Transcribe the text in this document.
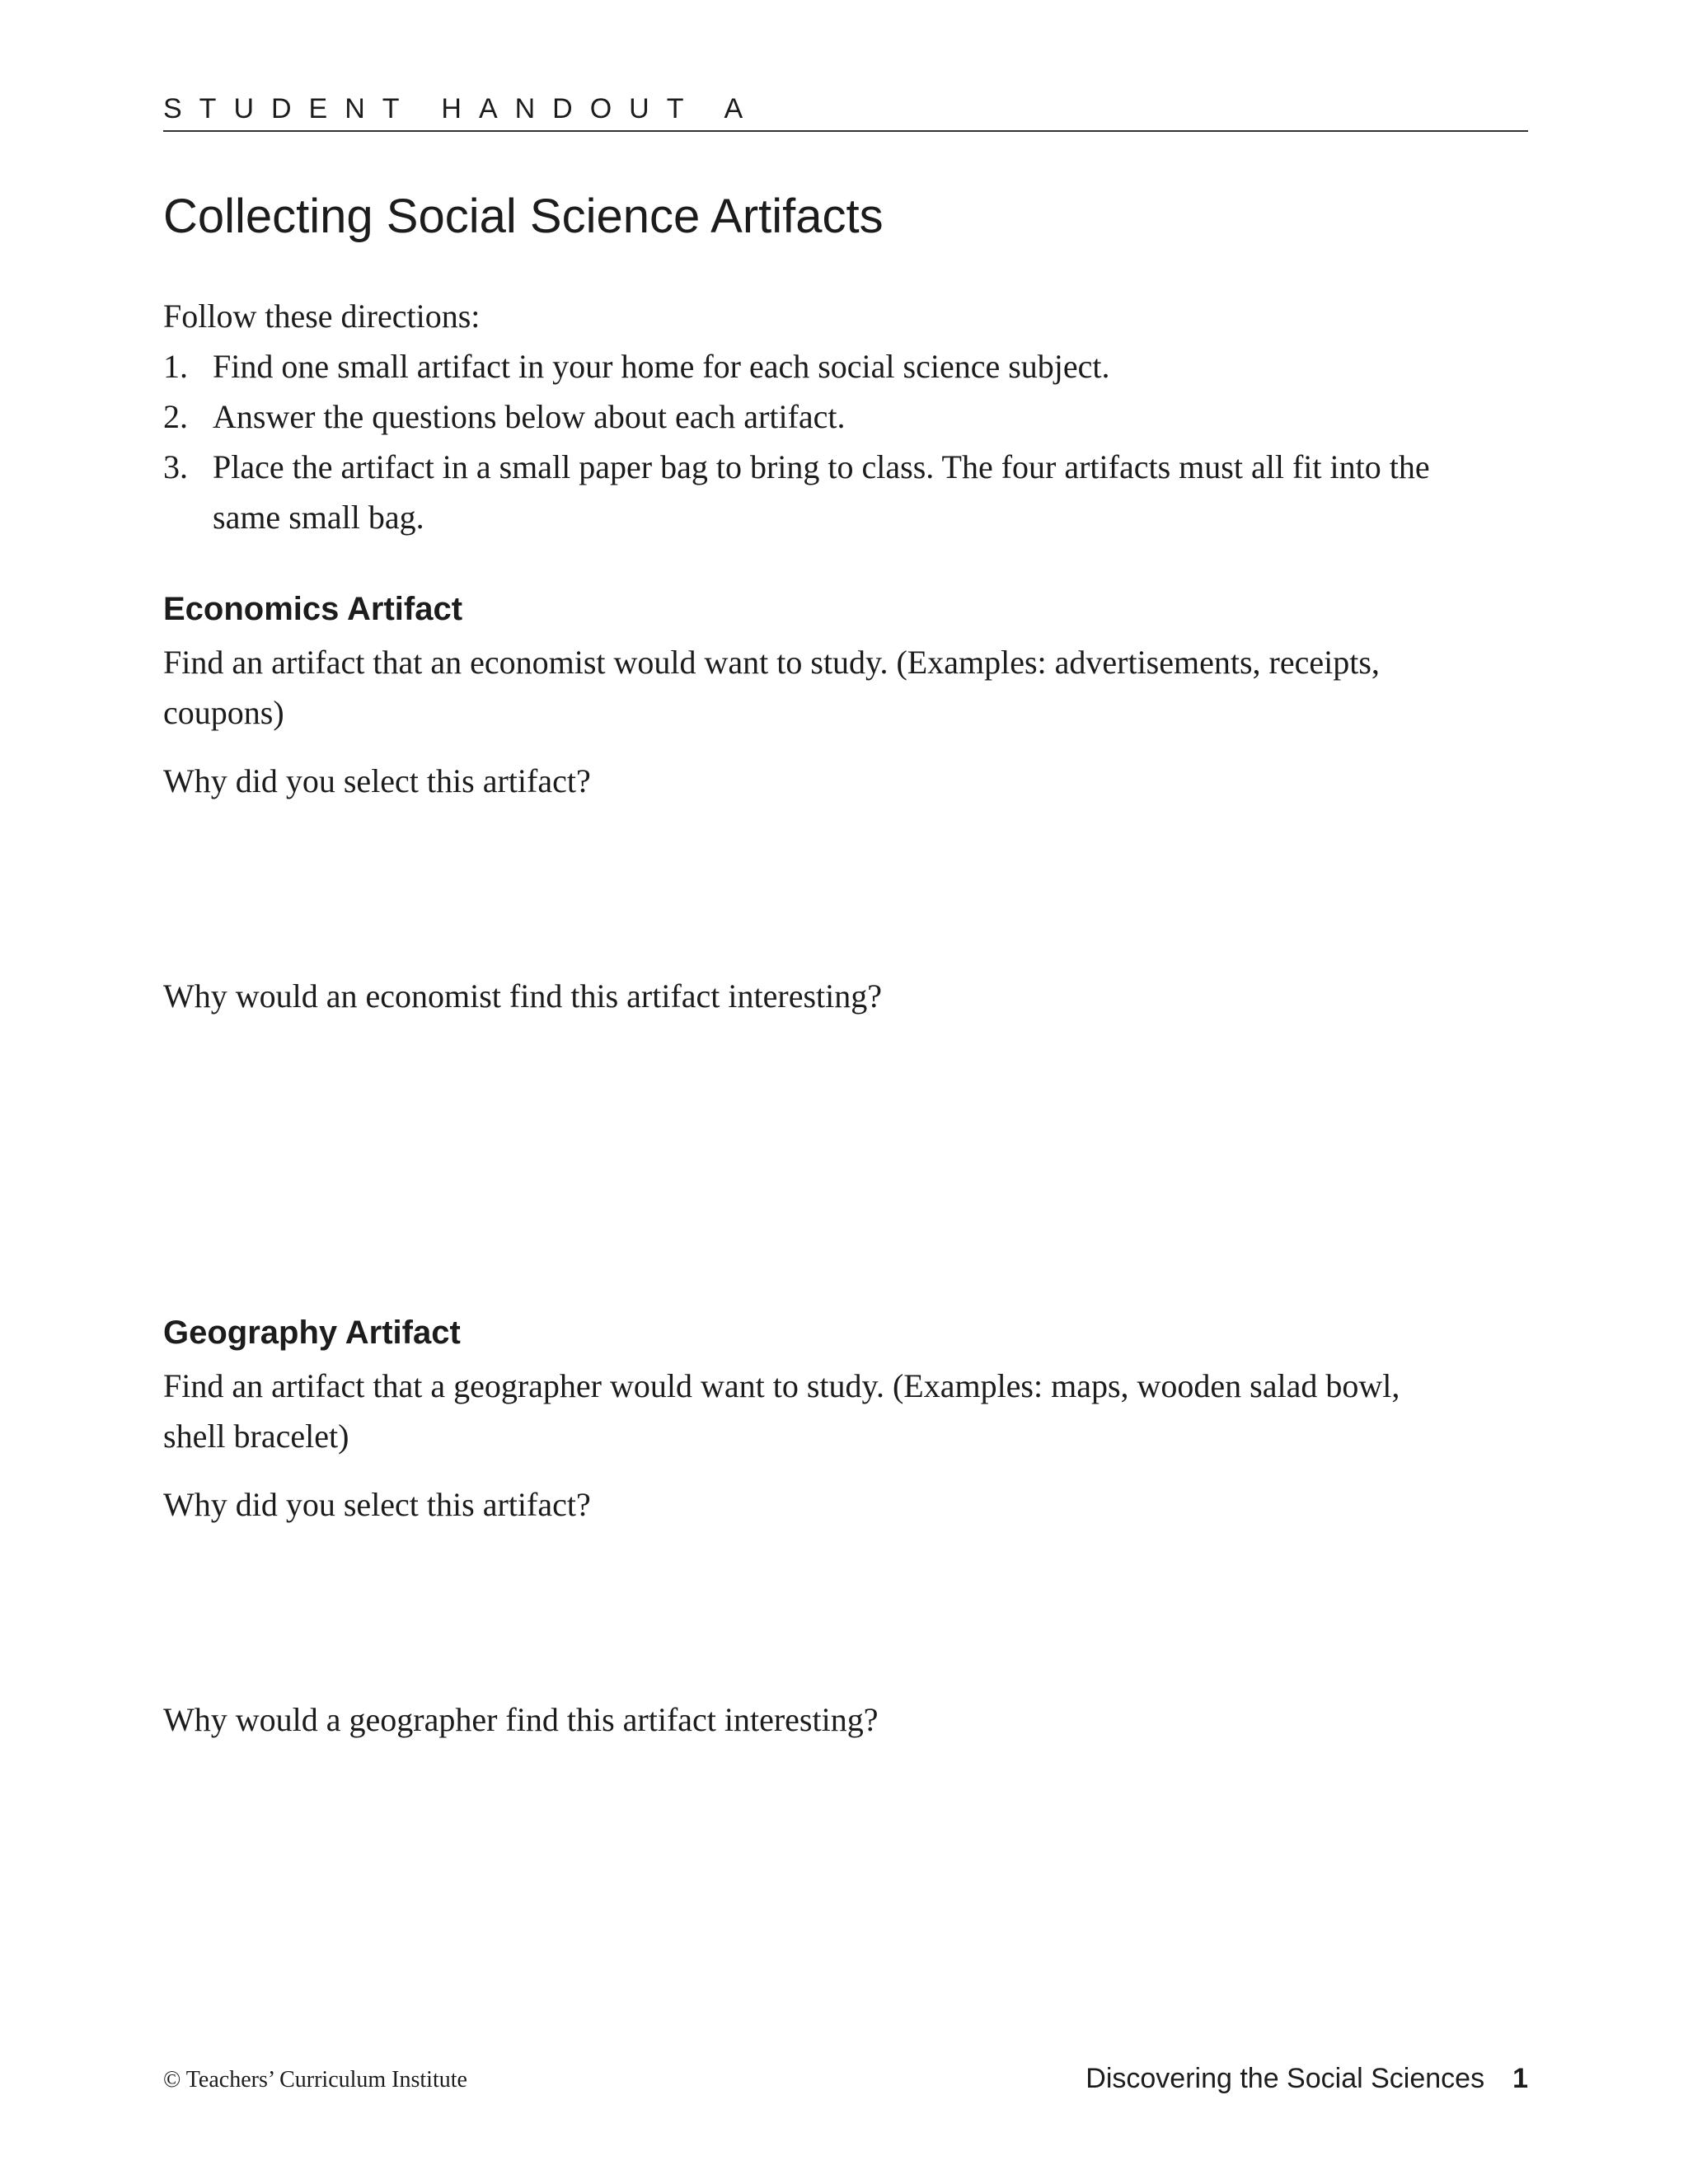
STUDENT HANDOUT A
Collecting Social Science Artifacts
Follow these directions:
1. Find one small artifact in your home for each social science subject.
2. Answer the questions below about each artifact.
3. Place the artifact in a small paper bag to bring to class. The four artifacts must all fit into the same small bag.
Economics Artifact
Find an artifact that an economist would want to study. (Examples: advertisements, receipts, coupons)
Why did you select this artifact?
Why would an economist find this artifact interesting?
Geography Artifact
Find an artifact that a geographer would want to study. (Examples: maps, wooden salad bowl, shell bracelet)
Why did you select this artifact?
Why would a geographer find this artifact interesting?
© Teachers’ Curriculum Institute	Discovering the Social Sciences 1
